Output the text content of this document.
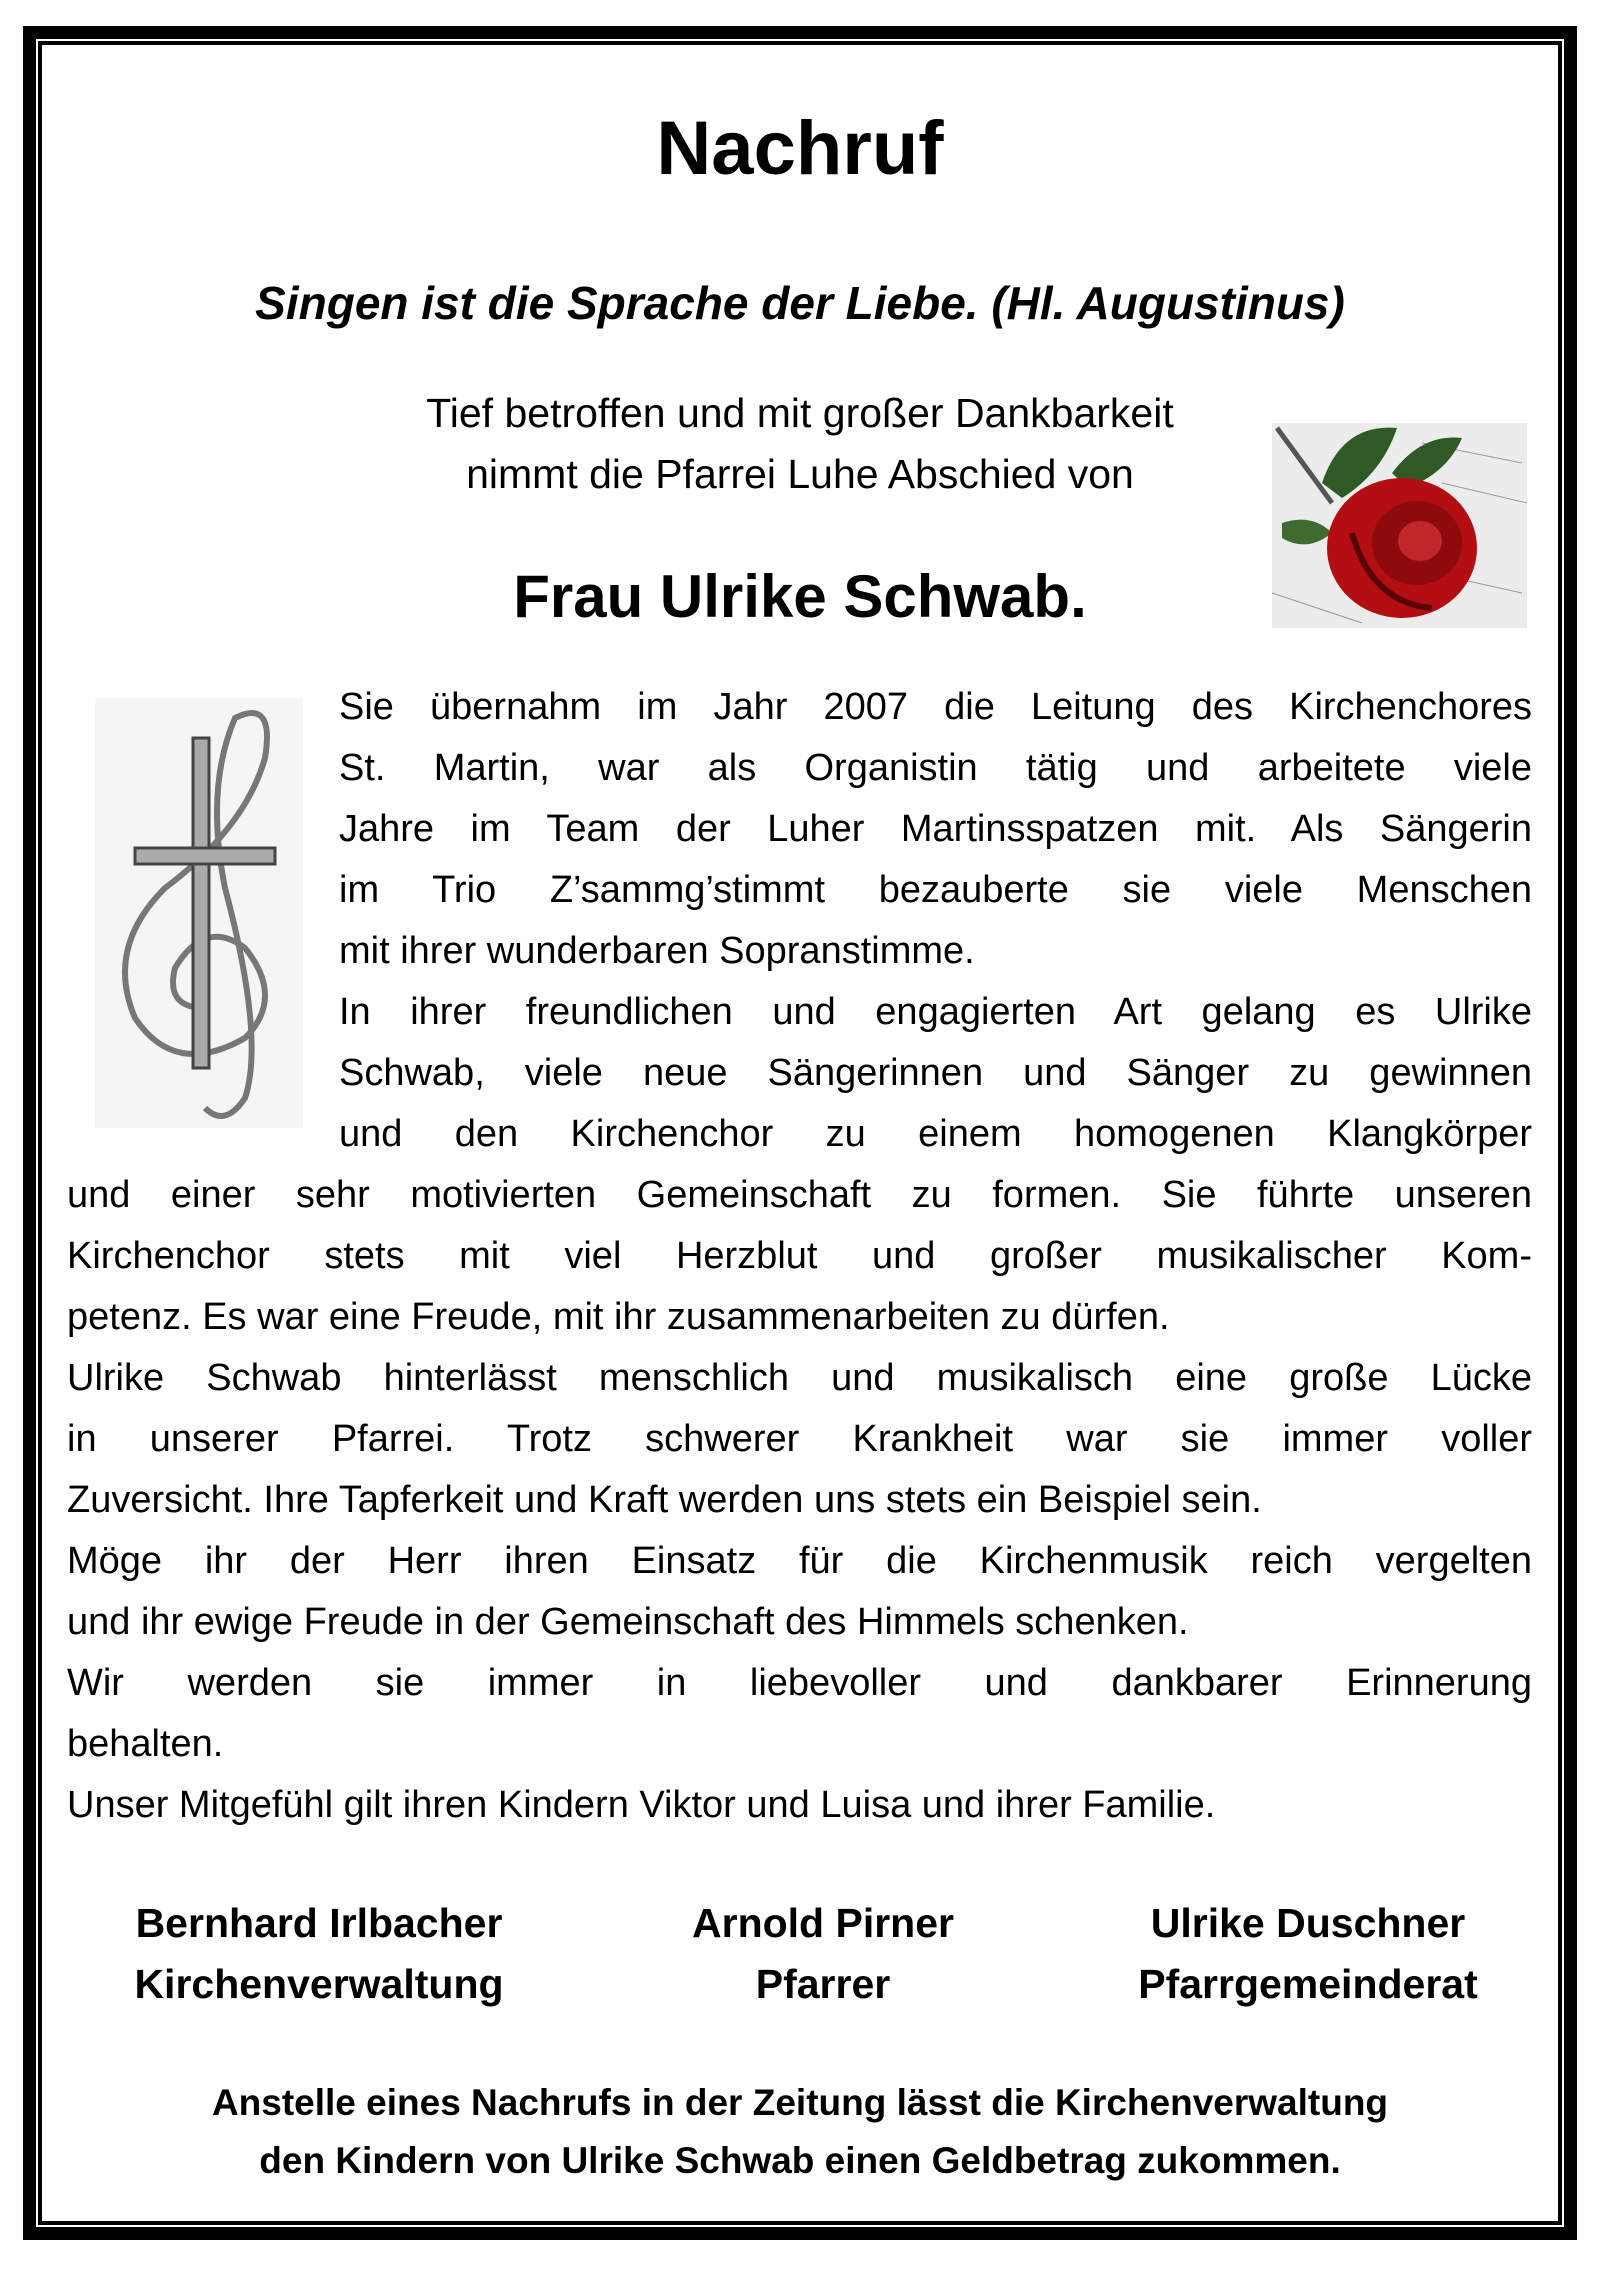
Nachruf
Singen ist die Sprache der Liebe. (Hl. Augustinus)
Tief betroffen und mit großer Dankbarkeit
nimmt die Pfarrei Luhe Abschied von
Frau Ulrike Schwab.
Sie übernahm im Jahr 2007 die Leitung des Kirchenchores
St. Martin, war als Organistin tätig und arbeitete viele
Jahre im Team der Luher Martinsspatzen mit. Als Sängerin
im Trio Z’sammg’stimmt bezauberte sie viele Menschen
mit ihrer wunderbaren Sopranstimme.
In ihrer freundlichen und engagierten Art gelang es Ulrike
Schwab, viele neue Sängerinnen und Sänger zu gewinnen
und den Kirchenchor zu einem homogenen Klangkörper
und einer sehr motivierten Gemeinschaft zu formen. Sie führte unseren
Kirchenchor stets mit viel Herzblut und großer musikalischer Kom-
petenz. Es war eine Freude, mit ihr zusammenarbeiten zu dürfen.
Ulrike Schwab hinterlässt menschlich und musikalisch eine große Lücke
in unserer Pfarrei. Trotz schwerer Krankheit war sie immer voller
Zuversicht. Ihre Tapferkeit und Kraft werden uns stets ein Beispiel sein.
Möge ihr der Herr ihren Einsatz für die Kirchenmusik reich vergelten
und ihr ewige Freude in der Gemeinschaft des Himmels schenken.
Wir werden sie immer in liebevoller und dankbarer Erinnerung
behalten.
Unser Mitgefühl gilt ihren Kindern Viktor und Luisa und ihrer Familie.
Bernhard Irlbacher
Kirchenverwaltung
Arnold Pirner
Pfarrer
Ulrike Duschner
Pfarrgemeinderat
Anstelle eines Nachrufs in der Zeitung lässt die Kirchenverwaltung
den Kindern von Ulrike Schwab einen Geldbetrag zukommen.
